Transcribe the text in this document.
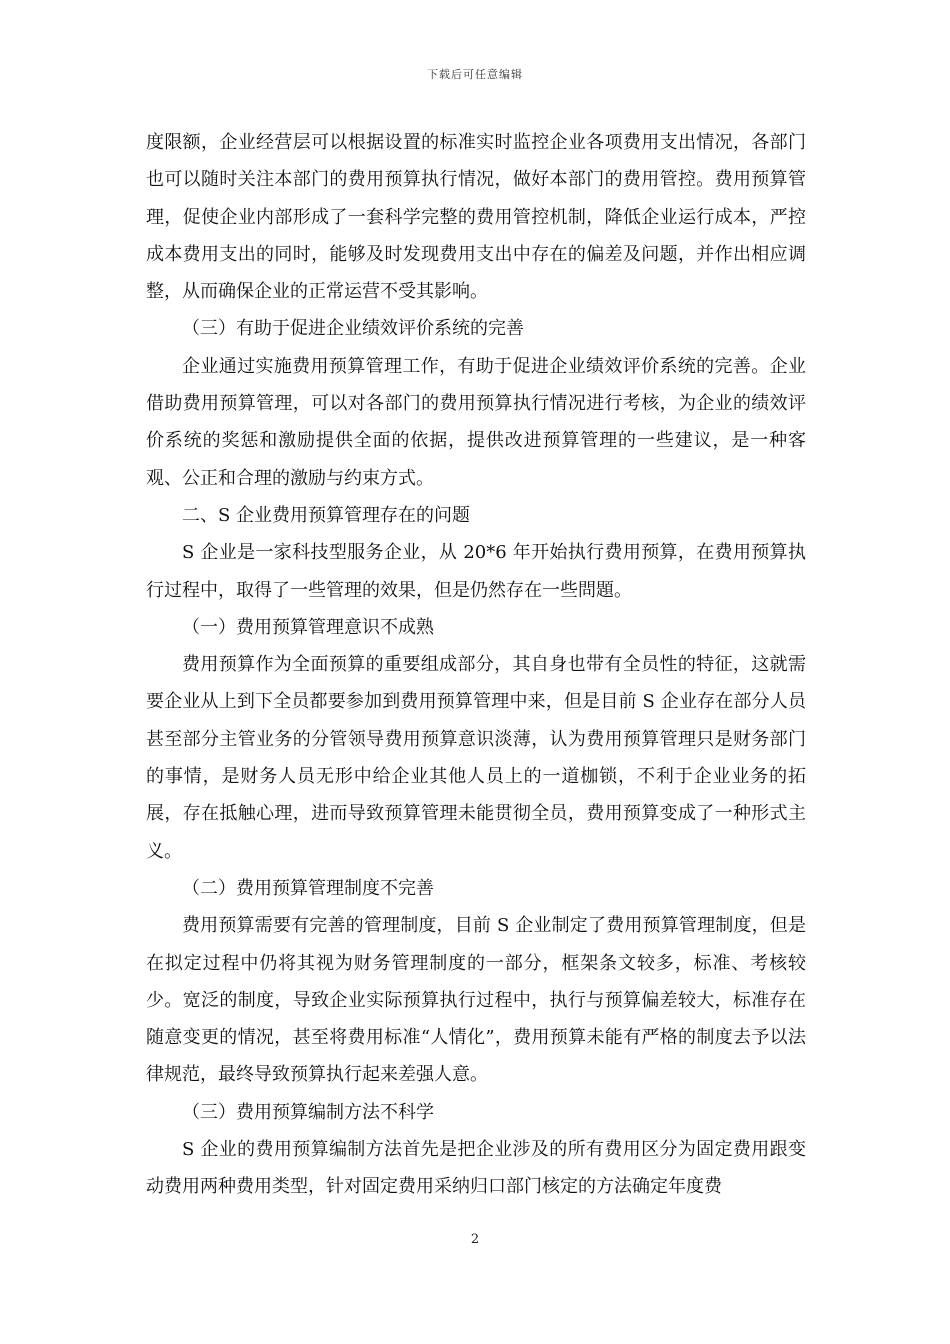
下载后可任意编辑

度限额，企业经营层可以根据设置的标准实时监控企业各项费用支出情况，各部门也可以随时关注本部门的费用预算执行情况，做好本部门的费用管控。费用预算管理，促使企业内部形成了一套科学完整的费用管控机制，降低企业运行成本，严控成本费用支出的同时，能够及时发现费用支出中存在的偏差及问题，并作出相应调整，从而确保企业的正常运营不受其影响。

（三）有助于促进企业绩效评价系统的完善

企业通过实施费用预算管理工作，有助于促进企业绩效评价系统的完善。企业借助费用预算管理，可以对各部门的费用预算执行情况进行考核，为企业的绩效评价系统的奖惩和激励提供全面的依据，提供改进预算管理的一些建议，是一种客观、公正和合理的激励与约束方式。

二、S 企业费用预算管理存在的问题

S 企业是一家科技型服务企业，从 20*6 年开始执行费用预算，在费用预算执行过程中，取得了一些管理的效果，但是仍然存在一些問題。

（一）费用预算管理意识不成熟

费用预算作为全面预算的重要组成部分，其自身也带有全员性的特征，这就需要企业从上到下全员都要参加到费用预算管理中来，但是目前 S 企业存在部分人员甚至部分主管业务的分管领导费用预算意识淡薄，认为费用预算管理只是财务部门的事情，是财务人员无形中给企业其他人员上的一道枷锁，不利于企业业务的拓展，存在抵触心理，进而导致预算管理未能贯彻全员，费用预算变成了一种形式主义。

（二）费用预算管理制度不完善

费用预算需要有完善的管理制度，目前 S 企业制定了费用预算管理制度，但是在拟定过程中仍将其视为财务管理制度的一部分，框架条文较多，标准、考核较少。宽泛的制度，导致企业实际预算执行过程中，执行与预算偏差较大，标准存在随意变更的情况，甚至将费用标准“人情化”，费用预算未能有严格的制度去予以法律规范，最终导致预算执行起来差强人意。

（三）费用预算编制方法不科学

S 企业的费用预算编制方法首先是把企业涉及的所有费用区分为固定费用跟变动费用两种费用类型，针对固定费用采纳归口部门核定的方法确定年度费

2
